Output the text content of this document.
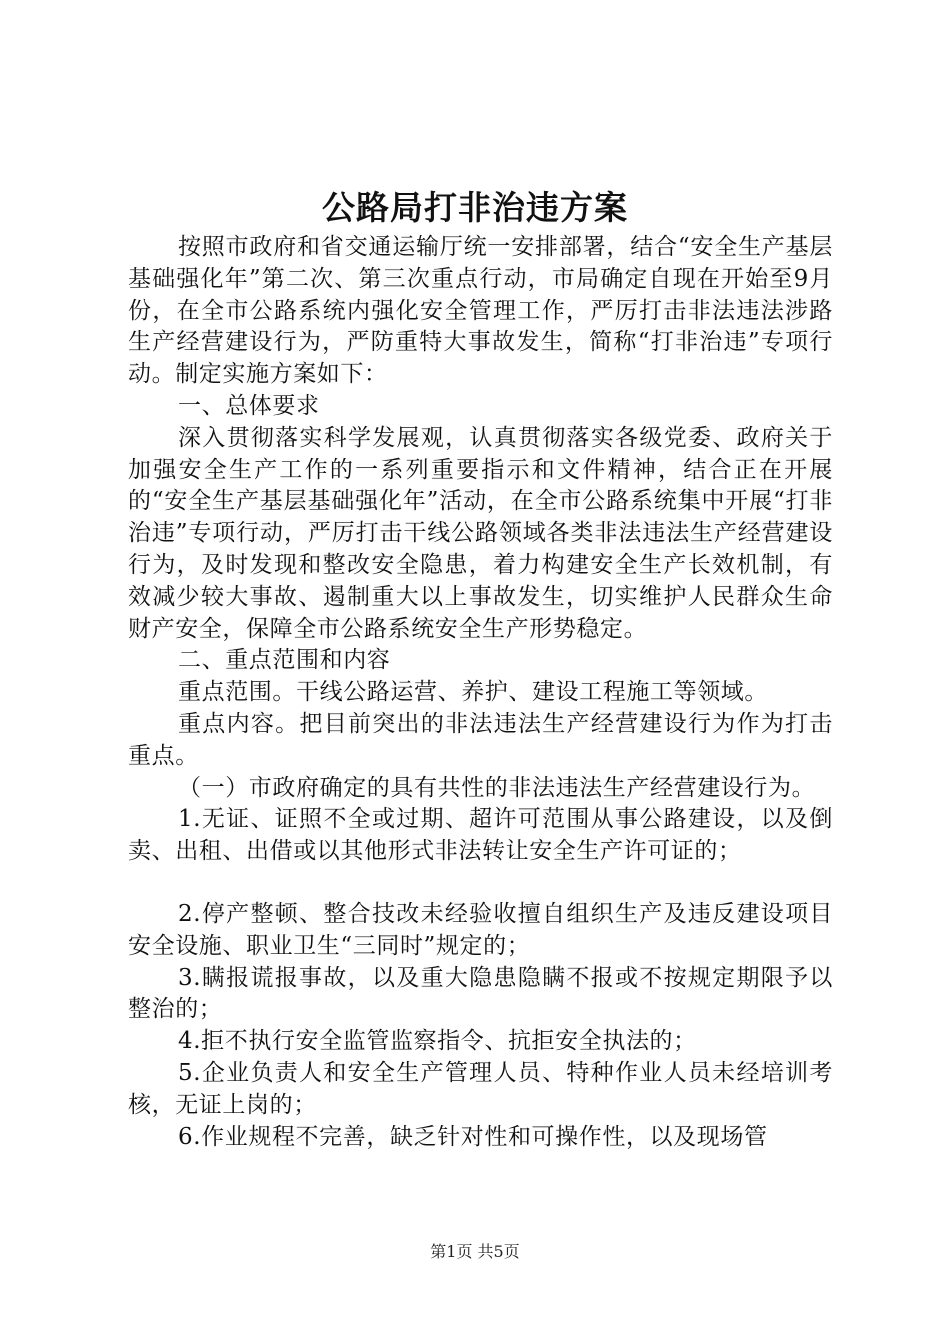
公路局打非治违方案

按照市政府和省交通运输厅统一安排部署，结合“安全生产基层基础强化年”第二次、第三次重点行动，市局确定自现在开始至9月份，在全市公路系统内强化安全管理工作，严厉打击非法违法涉路生产经营建设行为，严防重特大事故发生，简称“打非治违”专项行动。制定实施方案如下：

一、总体要求

深入贯彻落实科学发展观，认真贯彻落实各级党委、政府关于加强安全生产工作的一系列重要指示和文件精神，结合正在开展的“安全生产基层基础强化年”活动，在全市公路系统集中开展“打非治违”专项行动，严厉打击干线公路领域各类非法违法生产经营建设行为，及时发现和整改安全隐患，着力构建安全生产长效机制，有效减少较大事故、遏制重大以上事故发生，切实维护人民群众生命财产安全，保障全市公路系统安全生产形势稳定。

二、重点范围和内容

重点范围。干线公路运营、养护、建设工程施工等领域。

重点内容。把目前突出的非法违法生产经营建设行为作为打击重点。

（一）市政府确定的具有共性的非法违法生产经营建设行为。

1.无证、证照不全或过期、超许可范围从事公路建设，以及倒卖、出租、出借或以其他形式非法转让安全生产许可证的；

2.停产整顿、整合技改未经验收擅自组织生产及违反建设项目安全设施、职业卫生“三同时”规定的；

3.瞒报谎报事故，以及重大隐患隐瞒不报或不按规定期限予以整治的；

4.拒不执行安全监管监察指令、抗拒安全执法的；

5.企业负责人和安全生产管理人员、特种作业人员未经培训考核，无证上岗的；

6.作业规程不完善，缺乏针对性和可操作性，以及现场管

第1页 共5页
